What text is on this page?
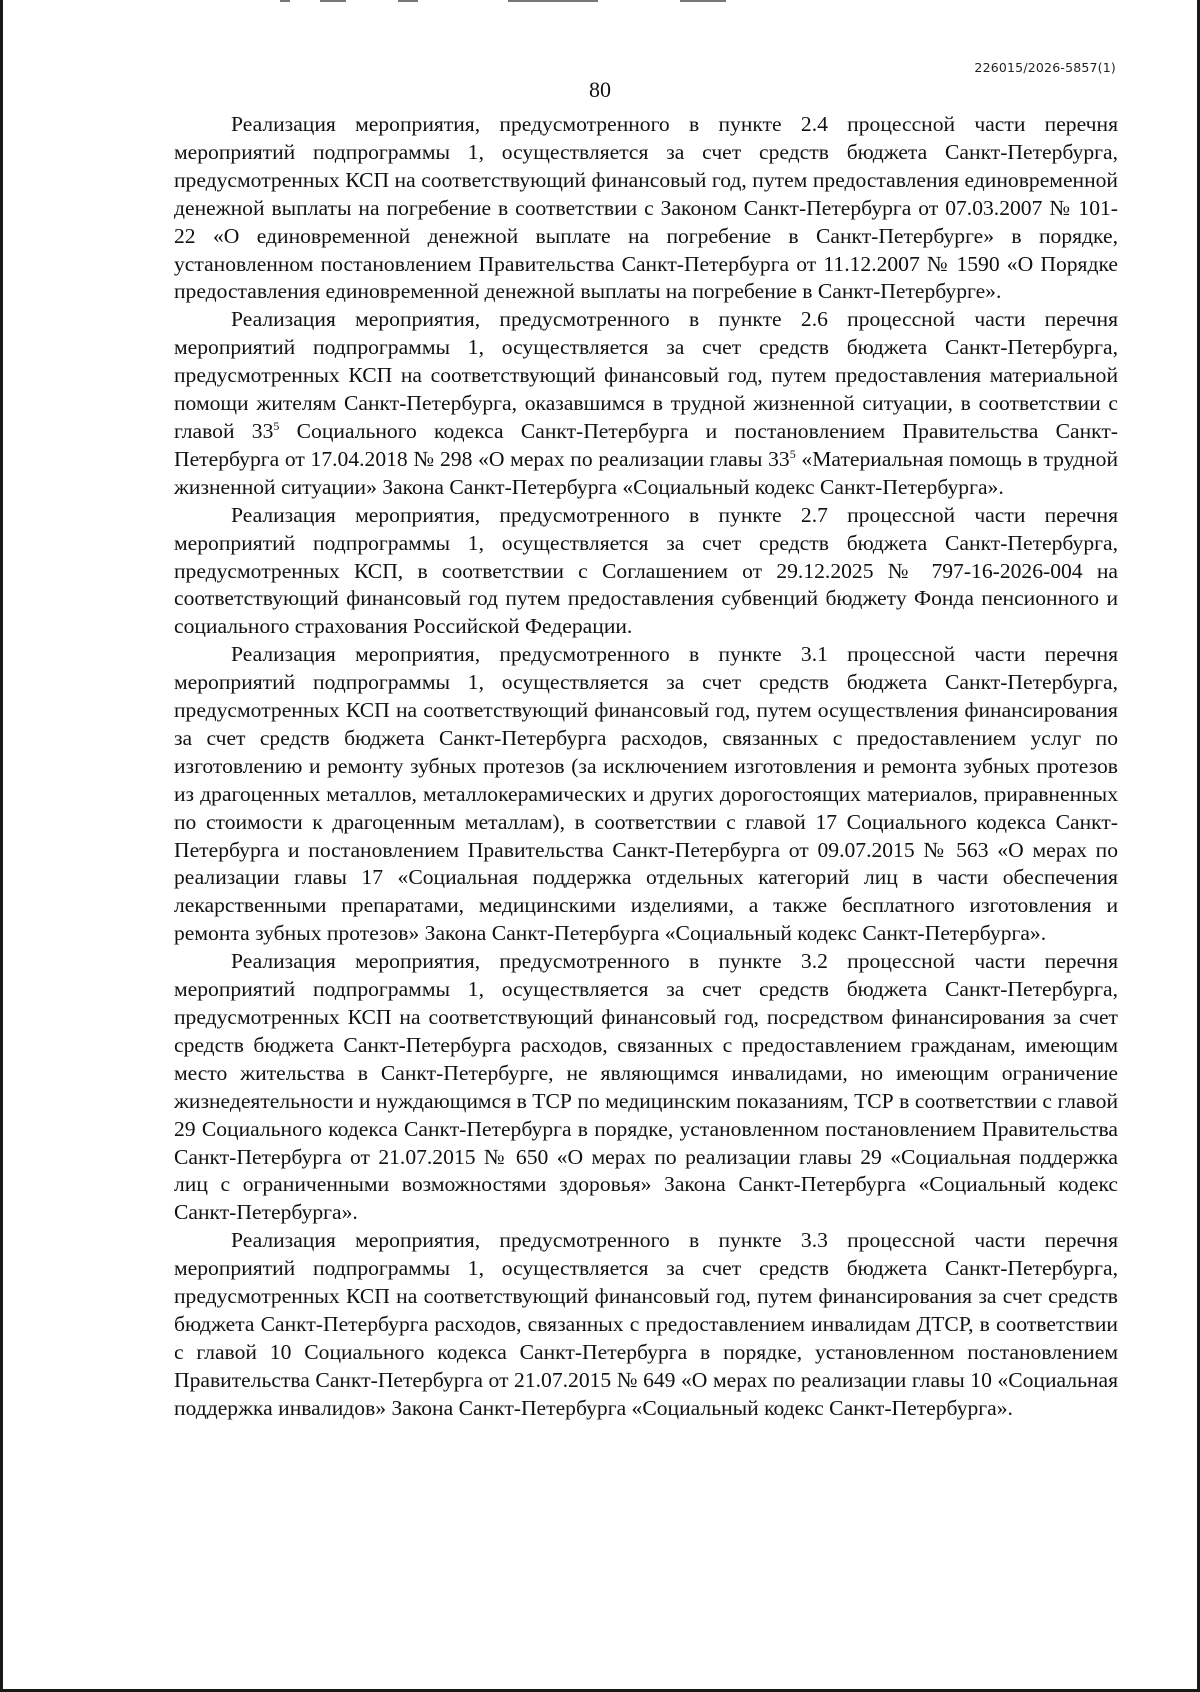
226015/2026-5857(1)
80

Реализация мероприятия, предусмотренного в пункте 2.4 процессной части перечня мероприятий подпрограммы 1, осуществляется за счет средств бюджета Санкт-Петербурга, предусмотренных КСП на соответствующий финансовый год, путем предоставления единовременной денежной выплаты на погребение в соответствии с Законом Санкт-Петербурга от 07.03.2007 № 101-22 «О единовременной денежной выплате на погребение в Санкт-Петербурге» в порядке, установленном постановлением Правительства Санкт-Петербурга от 11.12.2007 № 1590 «О Порядке предоставления единовременной денежной выплаты на погребение в Санкт-Петербурге».

Реализация мероприятия, предусмотренного в пункте 2.6 процессной части перечня мероприятий подпрограммы 1, осуществляется за счет средств бюджета Санкт-Петербурга, предусмотренных КСП на соответствующий финансовый год, путем предоставления материальной помощи жителям Санкт-Петербурга, оказавшимся в трудной жизненной ситуации, в соответствии с главой $33^5$ Социального кодекса Санкт-Петербурга и постановлением Правительства Санкт-Петербурга от 17.04.2018 № 298 «О мерах по реализации главы $33^5$ «Материальная помощь в трудной жизненной ситуации» Закона Санкт-Петербурга «Социальный кодекс Санкт-Петербурга».

Реализация мероприятия, предусмотренного в пункте 2.7 процессной части перечня мероприятий подпрограммы 1, осуществляется за счет средств бюджета Санкт-Петербурга, предусмотренных КСП, в соответствии с Соглашением от 29.12.2025 № 797-16-2026-004 на соответствующий финансовый год путем предоставления субвенций бюджету Фонда пенсионного и социального страхования Российской Федерации.

Реализация мероприятия, предусмотренного в пункте 3.1 процессной части перечня мероприятий подпрограммы 1, осуществляется за счет средств бюджета Санкт-Петербурга, предусмотренных КСП на соответствующий финансовый год, путем осуществления финансирования за счет средств бюджета Санкт-Петербурга расходов, связанных с предоставлением услуг по изготовлению и ремонту зубных протезов (за исключением изготовления и ремонта зубных протезов из драгоценных металлов, металлокерамических и других дорогостоящих материалов, приравненных по стоимости к драгоценным металлам), в соответствии с главой 17 Социального кодекса Санкт-Петербурга и постановлением Правительства Санкт-Петербурга от 09.07.2015 № 563 «О мерах по реализации главы 17 «Социальная поддержка отдельных категорий лиц в части обеспечения лекарственными препаратами, медицинскими изделиями, а также бесплатного изготовления и ремонта зубных протезов» Закона Санкт-Петербурга «Социальный кодекс Санкт-Петербурга».

Реализация мероприятия, предусмотренного в пункте 3.2 процессной части перечня мероприятий подпрограммы 1, осуществляется за счет средств бюджета Санкт-Петербурга, предусмотренных КСП на соответствующий финансовый год, посредством финансирования за счет средств бюджета Санкт-Петербурга расходов, связанных с предоставлением гражданам, имеющим место жительства в Санкт-Петербурге, не являющимся инвалидами, но имеющим ограничение жизнедеятельности и нуждающимся в ТСР по медицинским показаниям, ТСР в соответствии с главой 29 Социального кодекса Санкт-Петербурга в порядке, установленном постановлением Правительства Санкт-Петербурга от 21.07.2015 № 650 «О мерах по реализации главы 29 «Социальная поддержка лиц с ограниченными возможностями здоровья» Закона Санкт-Петербурга «Социальный кодекс Санкт-Петербурга».

Реализация мероприятия, предусмотренного в пункте 3.3 процессной части перечня мероприятий подпрограммы 1, осуществляется за счет средств бюджета Санкт-Петербурга, предусмотренных КСП на соответствующий финансовый год, путем финансирования за счет средств бюджета Санкт-Петербурга расходов, связанных с предоставлением инвалидам ДТСР, в соответствии с главой 10 Социального кодекса Санкт-Петербурга в порядке, установленном постановлением Правительства Санкт-Петербурга от 21.07.2015 № 649 «О мерах по реализации главы 10 «Социальная поддержка инвалидов» Закона Санкт-Петербурга «Социальный кодекс Санкт-Петербурга».
